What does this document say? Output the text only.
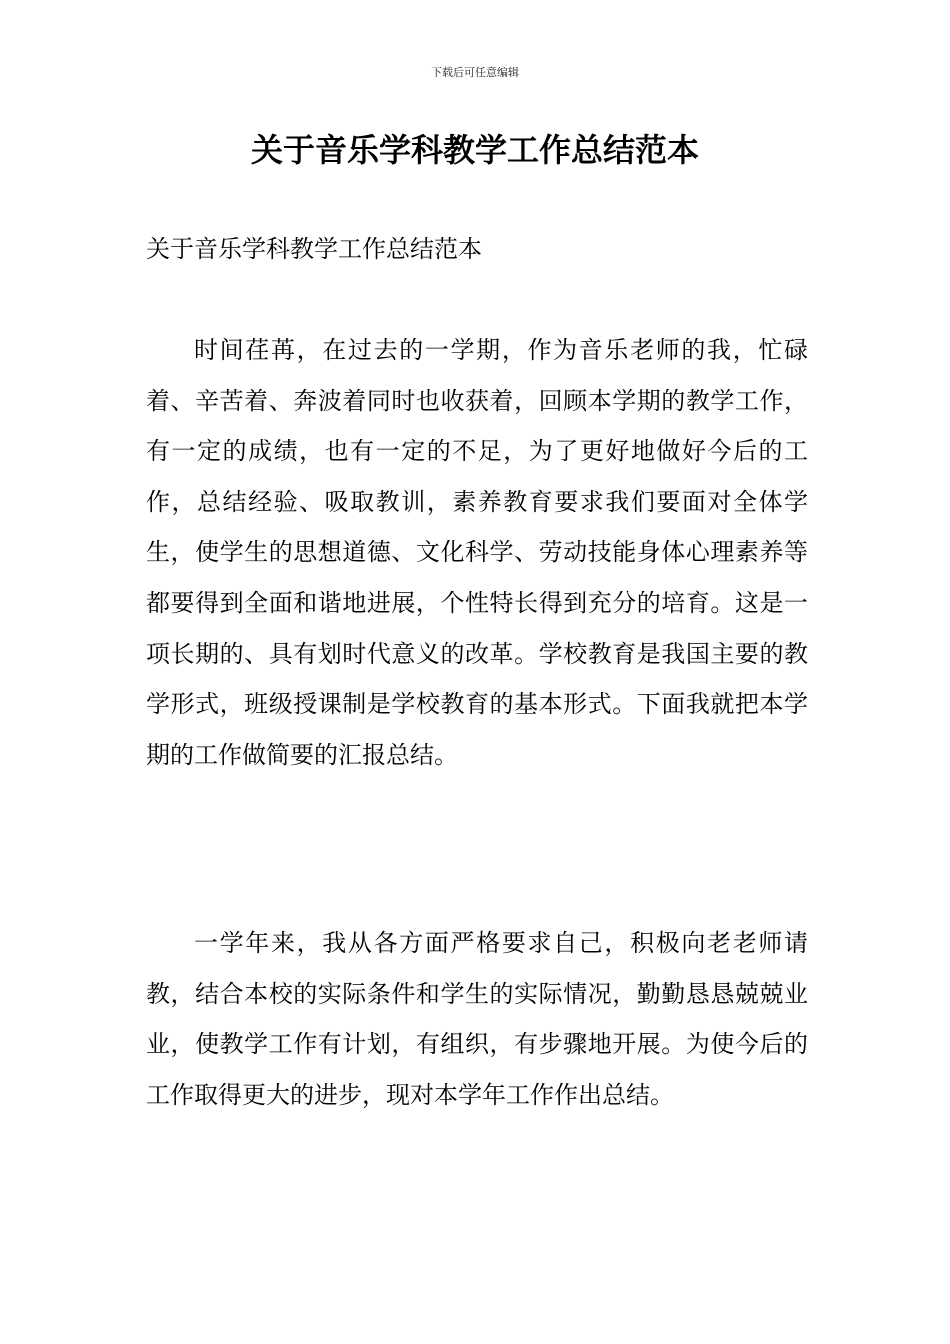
下载后可任意编辑
关于音乐学科教学工作总结范本

关于音乐学科教学工作总结范本

时间荏苒，在过去的一学期，作为音乐老师的我，忙碌着、辛苦着、奔波着同时也收获着，回顾本学期的教学工作，有一定的成绩，也有一定的不足，为了更好地做好今后的工作，总结经验、吸取教训，素养教育要求我们要面对全体学生，使学生的思想道德、文化科学、劳动技能身体心理素养等都要得到全面和谐地进展，个性特长得到充分的培育。这是一项长期的、具有划时代意义的改革。学校教育是我国主要的教学形式，班级授课制是学校教育的基本形式。下面我就把本学期的工作做简要的汇报总结。

一学年来，我从各方面严格要求自己，积极向老老师请教，结合本校的实际条件和学生的实际情况，勤勤恳恳兢兢业业，使教学工作有计划，有组织，有步骤地开展。为使今后的工作取得更大的进步，现对本学年工作作出总结。
